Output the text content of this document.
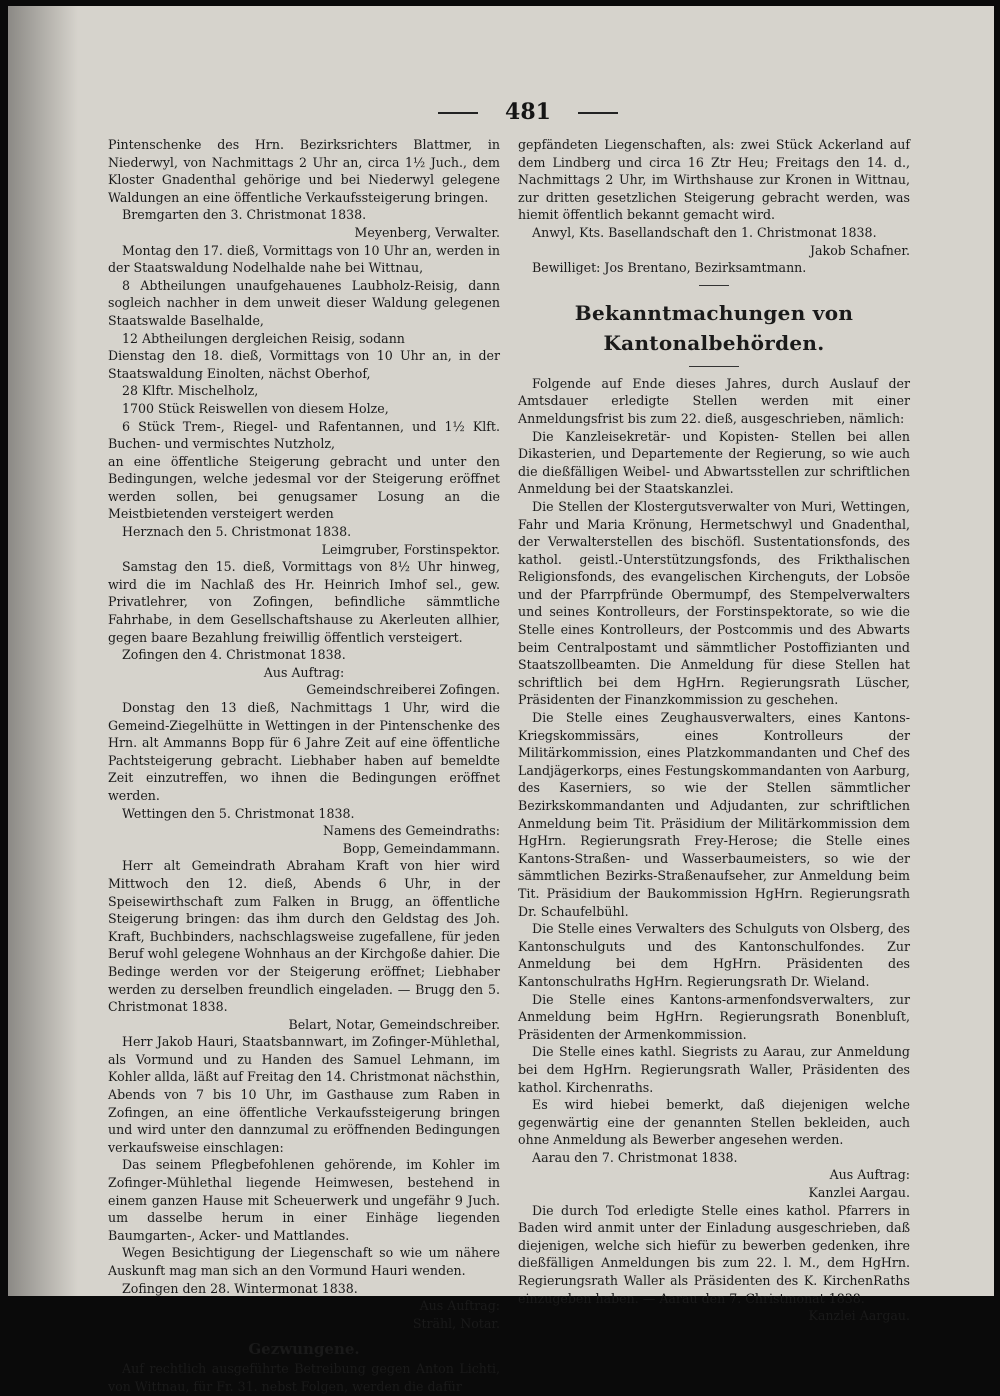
481

Pintenschenke des Hrn. Bezirksrichters Blattmer, in Niederwyl, von Nachmittags 2 Uhr an, circa 1½ Juch., dem Kloster Gnadenthal gehörige und bei Niederwyl gelegene Waldungen an eine öffentliche Verkaufssteigerung bringen.

Bremgarten den 3. Christmonat 1838.

Meyenberg, Verwalter.

Montag den 17. dieß, Vormittags von 10 Uhr an, werden in der Staatswaldung Nodelhalde nahe bei Wittnau,

8 Abtheilungen unaufgehauenes Laubholz-Reisig, dann sogleich nachher in dem unweit dieser Waldung gelegenen Staatswalde Baselhalde,

12 Abtheilungen dergleichen Reisig, sodann

Dienstag den 18. dieß, Vormittags von 10 Uhr an, in der Staatswaldung Einolten, nächst Oberhof,

28 Klftr. Mischelholz,

1700 Stück Reiswellen von diesem Holze,

6 Stück Trem-, Riegel- und Rafentannen, und 1½ Klft. Buchen- und vermischtes Nutzholz,

an eine öffentliche Steigerung gebracht und unter den Bedingungen, welche jedesmal vor der Steigerung eröffnet werden sollen, bei genugsamer Losung an die Meistbietenden versteigert werden

Herznach den 5. Christmonat 1838.

Leimgruber, Forstinspektor.

Samstag den 15. dieß, Vormittags von 8½ Uhr hinweg, wird die im Nachlaß des Hr. Heinrich Imhof sel., gew. Privatlehrer, von Zofingen, befindliche sämmtliche Fahrhabe, in dem Gesellschaftshause zu Akerleuten allhier, gegen baare Bezahlung freiwillig öffentlich versteigert.

Zofingen den 4. Christmonat 1838.

Aus Auftrag:

Gemeindschreiberei Zofingen.

Donstag den 13 dieß, Nachmittags 1 Uhr, wird die Gemeind-Ziegelhütte in Wettingen in der Pintenschenke des Hrn. alt Ammanns Bopp für 6 Jahre Zeit auf eine öffentliche Pachtsteigerung gebracht. Liebhaber haben auf bemeldte Zeit einzutreffen, wo ihnen die Bedingungen eröffnet werden.

Wettingen den 5. Christmonat 1838.

Namens des Gemeindraths:

Bopp, Gemeindammann.

Herr alt Gemeindrath Abraham Kraft von hier wird Mittwoch den 12. dieß, Abends 6 Uhr, in der Speisewirthschaft zum Falken in Brugg, an öffentliche Steigerung bringen: das ihm durch den Geldstag des Joh. Kraft, Buchbinders, nachschlagsweise zugefallene, für jeden Beruf wohl gelegene Wohnhaus an der Kirchgoße dahier. Die Bedinge werden vor der Steigerung eröffnet; Liebhaber werden zu derselben freundlich eingeladen. — Brugg den 5. Christmonat 1838.

Belart, Notar, Gemeindschreiber.

Herr Jakob Hauri, Staatsbannwart, im Zofinger-Mühlethal, als Vormund und zu Handen des Samuel Lehmann, im Kohler allda, läßt auf Freitag den 14. Christmonat nächsthin, Abends von 7 bis 10 Uhr, im Gasthause zum Raben in Zofingen, an eine öffentliche Verkaufssteigerung bringen und wird unter den dannzumal zu eröffnenden Bedingungen verkaufsweise einschlagen:

Das seinem Pflegbefohlenen gehörende, im Kohler im Zofinger-Mühlethal liegende Heimwesen, bestehend in einem ganzen Hause mit Scheuerwerk und ungefähr 9 Juch. um dasselbe herum in einer Einhäge liegenden Baumgarten-, Acker- und Mattlandes.

Wegen Besichtigung der Liegenschaft so wie um nähere Auskunft mag man sich an den Vormund Hauri wenden.

Zofingen den 28. Wintermonat 1838.

Aus Auftrag:

Strähl, Notar.

Gezwungene.

Auf rechtlich ausgeführte Betreibung gegen Anton Lichti, von Wittnau, für Fr. 31. nebst Folgen, werden die dafür

gepfändeten Liegenschaften, als: zwei Stück Ackerland auf dem Lindberg und circa 16 Ztr Heu; Freitags den 14. d., Nachmittags 2 Uhr, im Wirthshause zur Kronen in Wittnau, zur dritten gesetzlichen Steigerung gebracht werden, was hiemit öffentlich bekannt gemacht wird.

Anwyl, Kts. Basellandschaft den 1. Christmonat 1838.

Jakob Schafner.

Bewilliget: Jos Brentano, Bezirksamtmann.

Bekanntmachungen von Kantonalbehörden.

Folgende auf Ende dieses Jahres, durch Auslauf der Amtsdauer erledigte Stellen werden mit einer Anmeldungsfrist bis zum 22. dieß, ausgeschrieben, nämlich:

Die Kanzleisekretär- und Kopisten- Stellen bei allen Dikasterien, und Departemente der Regierung, so wie auch die dießfälligen Weibel- und Abwartsstellen zur schriftlichen Anmeldung bei der Staatskanzlei.

Die Stellen der Klostergutsverwalter von Muri, Wettingen, Fahr und Maria Krönung, Hermetschwyl und Gnadenthal, der Verwalterstellen des bischöfl. Sustentationsfonds, des kathol. geistl.-Unterstützungsfonds, des Frikthalischen Religionsfonds, des evangelischen Kirchenguts, der Lobsöe und der Pfarrpfründe Obermumpf, des Stempelverwalters und seines Kontrolleurs, der Forstinspektorate, so wie die Stelle eines Kontrolleurs, der Postcommis und des Abwarts beim Centralpostamt und sämmtlicher Postoffizianten und Staatszollbeamten. Die Anmeldung für diese Stellen hat schriftlich bei dem HgHrn. Regierungsrath Lüscher, Präsidenten der Finanzkommission zu geschehen.

Die Stelle eines Zeughausverwalters, eines Kantons-Kriegskommissärs, eines Kontrolleurs der Militärkommission, eines Platzkommandanten und Chef des Landjägerkorps, eines Festungskommandanten von Aarburg, des Kaserniers, so wie der Stellen sämmtlicher Bezirkskommandanten und Adjudanten, zur schriftlichen Anmeldung beim Tit. Präsidium der Militärkommission dem HgHrn. Regierungsrath Frey-Herose; die Stelle eines Kantons-Straßen- und Wasserbaumeisters, so wie der sämmtlichen Bezirks-Straßenaufseher, zur Anmeldung beim Tit. Präsidium der Baukommission HgHrn. Regierungsrath Dr. Schaufelbühl.

Die Stelle eines Verwalters des Schulguts von Olsberg, des Kantonschulguts und des Kantonschulfondes. Zur Anmeldung bei dem HgHrn. Präsidenten des Kantonschulraths HgHrn. Regierungsrath Dr. Wieland.

Die Stelle eines Kantons-armenfondsverwalters, zur Anmeldung beim HgHrn. Regierungsrath Bonenbluſt, Präsidenten der Armenkommission.

Die Stelle eines kathl. Siegrists zu Aarau, zur Anmeldung bei dem HgHrn. Regierungsrath Waller, Präsidenten des kathol. Kirchenraths.

Es wird hiebei bemerkt, daß diejenigen welche gegenwärtig eine der genannten Stellen bekleiden, auch ohne Anmeldung als Bewerber angesehen werden.

Aarau den 7. Christmonat 1838.

Aus Auftrag:

Kanzlei Aargau.

Die durch Tod erledigte Stelle eines kathol. Pfarrers in Baden wird anmit unter der Einladung ausgeschrieben, daß diejenigen, welche sich hiefür zu bewerben gedenken, ihre dießfälligen Anmeldungen bis zum 22. l. M., dem HgHrn. Regierungsrath Waller als Präsidenten des K. KirchenRaths einzugeben haben. — Aarau den 7. Christmonat 1838.

Kanzlei Aargau.
